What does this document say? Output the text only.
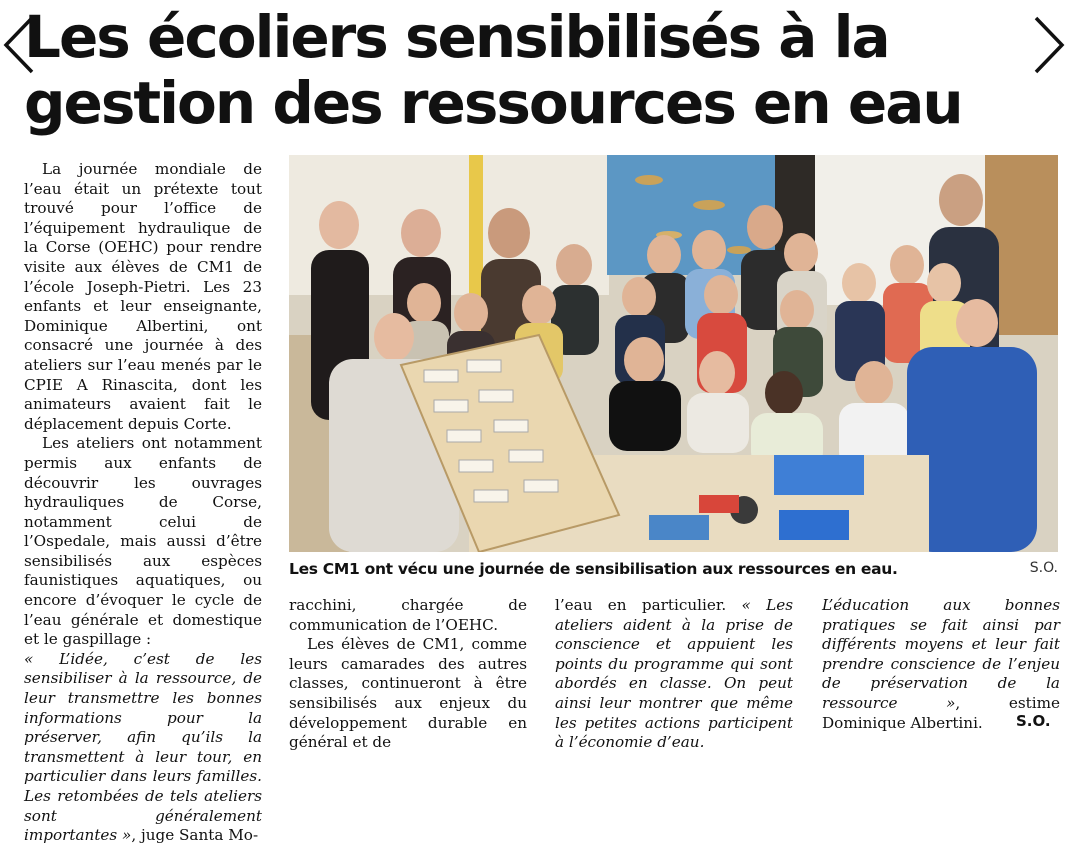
Les écoliers sensibilisés à la gestion des ressources en eau

La journée mondiale de l’eau était un prétexte tout trouvé pour l’office de l’équipement hydraulique de la Corse (OEHC) pour rendre visite aux élèves de CM1 de l’école Joseph-Pietri. Les 23 enfants et leur enseignante, Dominique Albertini, ont consacré une journée à des ateliers sur l’eau menés par le CPIE A Rinascita, dont les animateurs avaient fait le déplacement depuis Corte.

Les ateliers ont notamment permis aux enfants de découvrir les ouvrages hydrauliques de Corse, notamment celui de l’Ospedale, mais aussi d’être sensibilisés aux espèces faunistiques aquatiques, ou encore d’évoquer le cycle de l’eau générale et domestique et le gaspillage :
« L’idée, c’est de les sensibiliser à la ressource, de leur transmettre les bonnes informations pour la préserver, afin qu’ils la transmettent à leur tour, en particulier dans leurs familles. Les retombées de tels ateliers sont généralement importantes », juge Santa Mo-

Les CM1 ont vécu une journée de sensibilisation aux ressources en eau.	S.O.

racchini, chargée de communication de l’OEHC.

Les élèves de CM1, comme leurs camarades des autres classes, continueront à être sensibilisés aux enjeux du développement durable en général et de

l’eau en particulier. « Les ateliers aident à la prise de conscience et appuient les points du programme qui sont abordés en classe. On peut ainsi leur montrer que même les petites actions participent à l’économie d’eau.

L’éducation aux bonnes pratiques se fait ainsi par différents moyens et leur fait prendre conscience de l’enjeu de préservation de la ressource », estime Dominique Albertini.	S.O.
